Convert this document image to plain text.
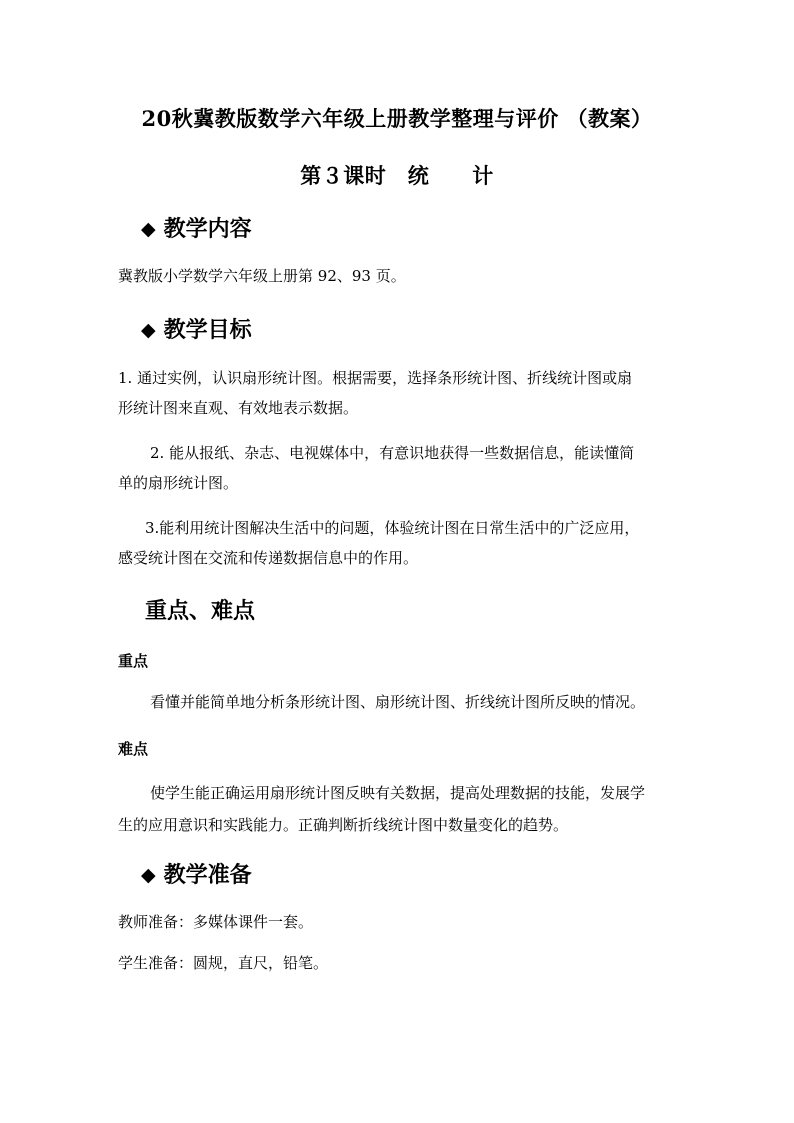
20秋冀教版数学六年级上册教学整理与评价 （教案）
第３课时　统　　计
◆ 教学内容
冀教版小学数学六年级上册第 92、93 页。
◆ 教学目标
1. 通过实例，认识扇形统计图。根据需要，选择条形统计图、折线统计图或扇
形统计图来直观、有效地表示数据。
2. 能从报纸、杂志、电视媒体中，有意识地获得一些数据信息，能读懂简
单的扇形统计图。
3.能利用统计图解决生活中的问题，体验统计图在日常生活中的广泛应用，
感受统计图在交流和传递数据信息中的作用。
重点、难点
重点
看懂并能简单地分析条形统计图、扇形统计图、折线统计图所反映的情况。
难点
使学生能正确运用扇形统计图反映有关数据，提高处理数据的技能，发展学
生的应用意识和实践能力。正确判断折线统计图中数量变化的趋势。
◆ 教学准备
教师准备：多媒体课件一套。
学生准备：圆规，直尺，铅笔。
